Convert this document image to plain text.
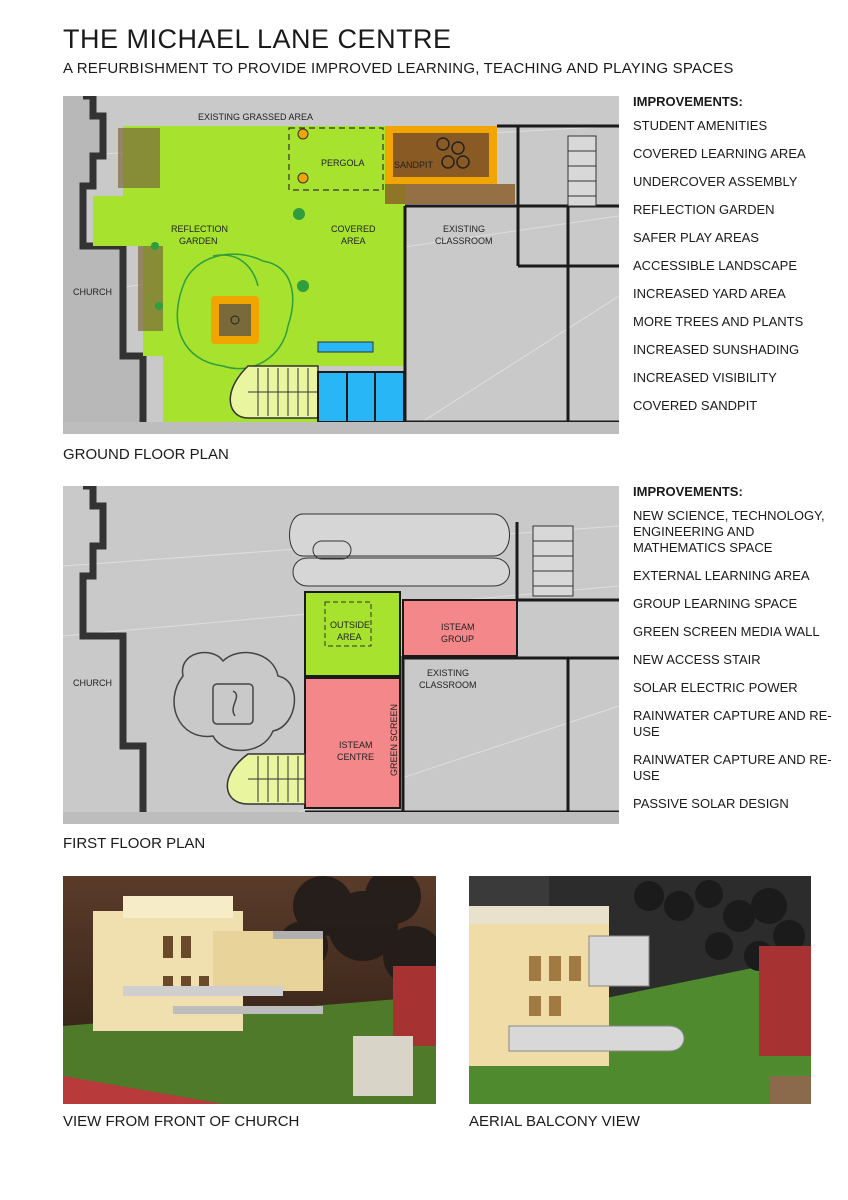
THE MICHAEL LANE CENTRE
A REFURBISHMENT TO PROVIDE IMPROVED LEARNING, TEACHING AND PLAYING SPACES
EXISTING GRASSED AREA
PERGOLA	SANDPIT
REFLECTION
GARDEN
COVERED
AREA
EXISTING
CLASSROOM
CHURCH
GROUND FLOOR PLAN
IMPROVEMENTS:
STUDENT AMENITIES
COVERED LEARNING AREA
UNDERCOVER ASSEMBLY
REFLECTION GARDEN
SAFER PLAY AREAS
ACCESSIBLE LANDSCAPE
INCREASED YARD AREA
MORE TREES AND PLANTS
INCREASED SUNSHADING
INCREASED VISIBILITY
COVERED SANDPIT
OUTSIDE
AREA
ISTEAM
GROUP
EXISTING
CLASSROOM
ISTEAM
CENTRE GREEN SCREEN
CHURCH
FIRST FLOOR PLAN
IMPROVEMENTS:
NEW SCIENCE, TECHNOLOGY, ENGINEERING AND MATHEMATICS SPACE
EXTERNAL LEARNING AREA
GROUP LEARNING SPACE
GREEN SCREEN MEDIA WALL
NEW ACCESS STAIR
SOLAR ELECTRIC POWER
RAINWATER CAPTURE AND RE-USE
RAINWATER CAPTURE AND RE-USE
PASSIVE SOLAR DESIGN
VIEW FROM FRONT OF CHURCH	AERIAL BALCONY VIEW
